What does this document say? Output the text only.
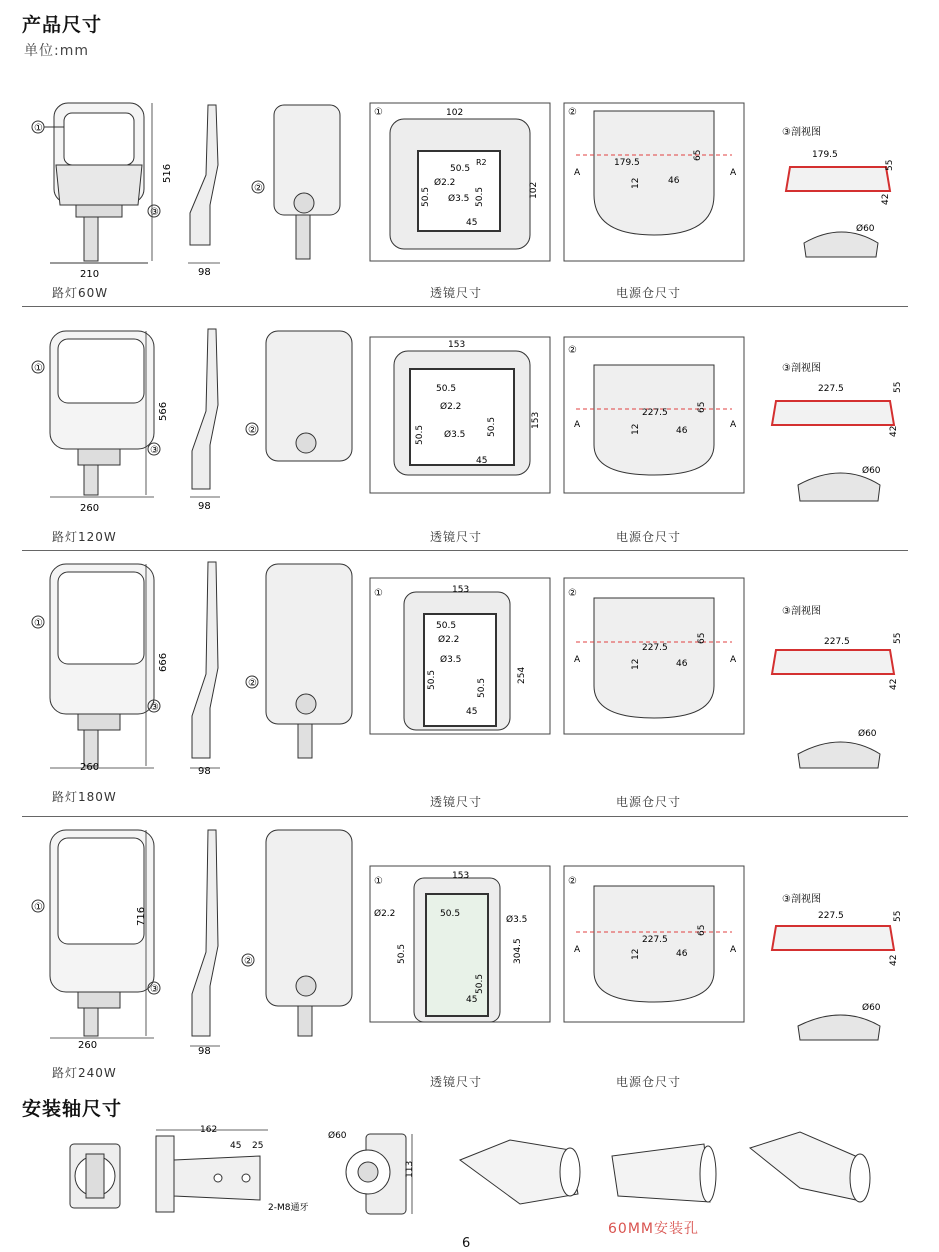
产品尺寸
单位:mm
①
③
②
516
210	98
①	102
102
50.5
R2
Ø2.2
50.5	50.5
Ø3.5
45
②
179.5
65
12	46
A	A
③剖视图
179.5
55
42
Ø60
路灯60W	透镜尺寸	电源仓尺寸
①
③
②
566
260	98
153
153
50.5
Ø2.2
50.5 Ø3.5 50.5
45
②
227.5	65
12	46
A	A
③剖视图
227.5	55
42
Ø60
路灯120W	透镜尺寸	电源仓尺寸
①
③
②
666
260	98
①	153
254
50.5
Ø2.2
Ø3.5
50.5	50.5
45
②
227.5
65
12	46
A	A
③剖视图
227.5	55
42
Ø60
路灯180W	透镜尺寸	电源仓尺寸
①
③
②
716
260
98
①	153
304.5
Ø2.2
50.5
Ø3.5
50.5
50.5
45
②
227.5
65
12	46
A	A
③剖视图
227.5	55
42
Ø60
路灯240W
透镜尺寸	电源仓尺寸
安装轴尺寸
162
45 25
2-M8通牙
Ø60
113
60MM安装孔
6
